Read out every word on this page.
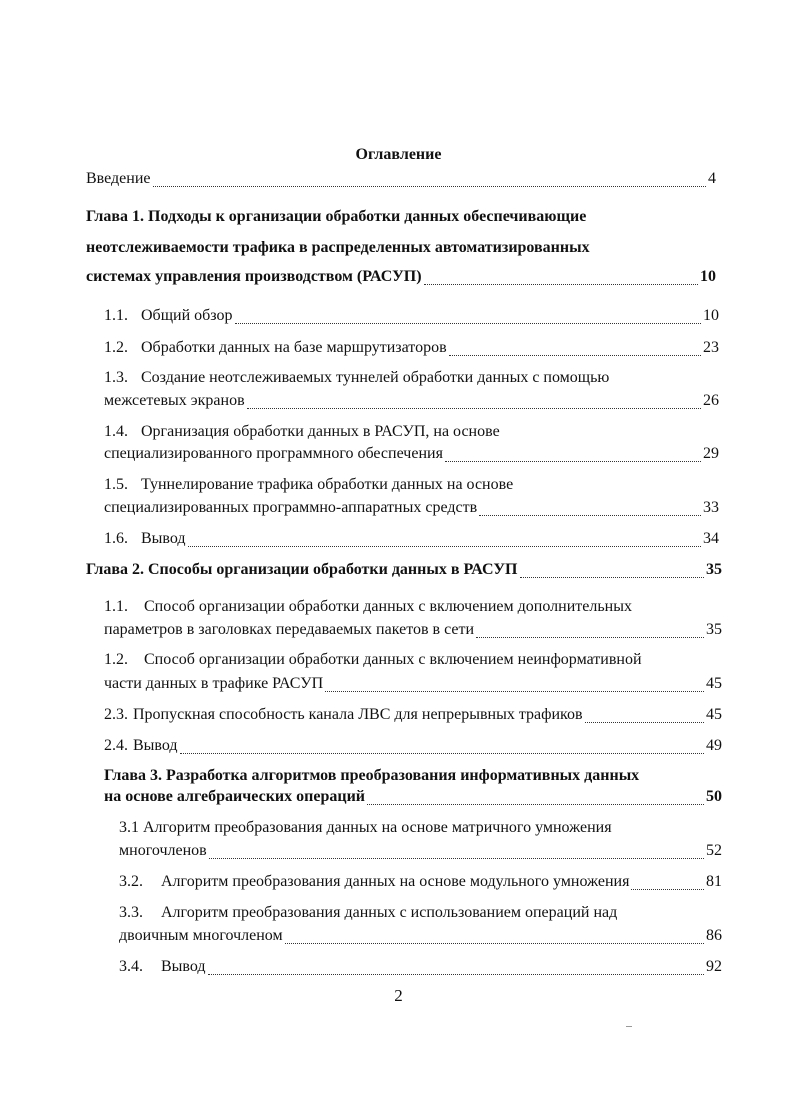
Оглавление
Введение	4
Глава 1. Подходы к организации обработки данных обеспечивающие
неотслеживаемости трафика в распределенных автоматизированных
системах управления производством (РАСУП)	10
1.1. Общий обзор	10
1.2. Обработки данных на базе маршрутизаторов	23
1.3. Создание неотслеживаемых туннелей обработки данных с помощью
межсетевых экранов	26
1.4. Организация обработки данных в РАСУП, на основе
специализированного программного обеспечения	29
1.5. Туннелирование трафика обработки данных на основе
специализированных программно-аппаратных средств	33
1.6. Вывод	34
Глава 2. Способы организации обработки данных в РАСУП	35
1.1. Способ организации обработки данных с включением дополнительных
параметров в заголовках передаваемых пакетов в сети	35
1.2. Способ организации обработки данных с включением неинформативной
части данных в трафике РАСУП	45
2.3. Пропускная способность канала ЛВС для непрерывных трафиков	45
2.4. Вывод	49
Глава 3. Разработка алгоритмов преобразования информативных данных
на основе алгебраических операций	50
3.1 Алгоритм преобразования данных на основе матричного умножения
многочленов	52
3.2.	Алгоритм преобразования данных на основе модульного умножения	81
3.3. Алгоритм преобразования данных с использованием операций над
двоичным многочленом	86
3.4.	Вывод	92
2
